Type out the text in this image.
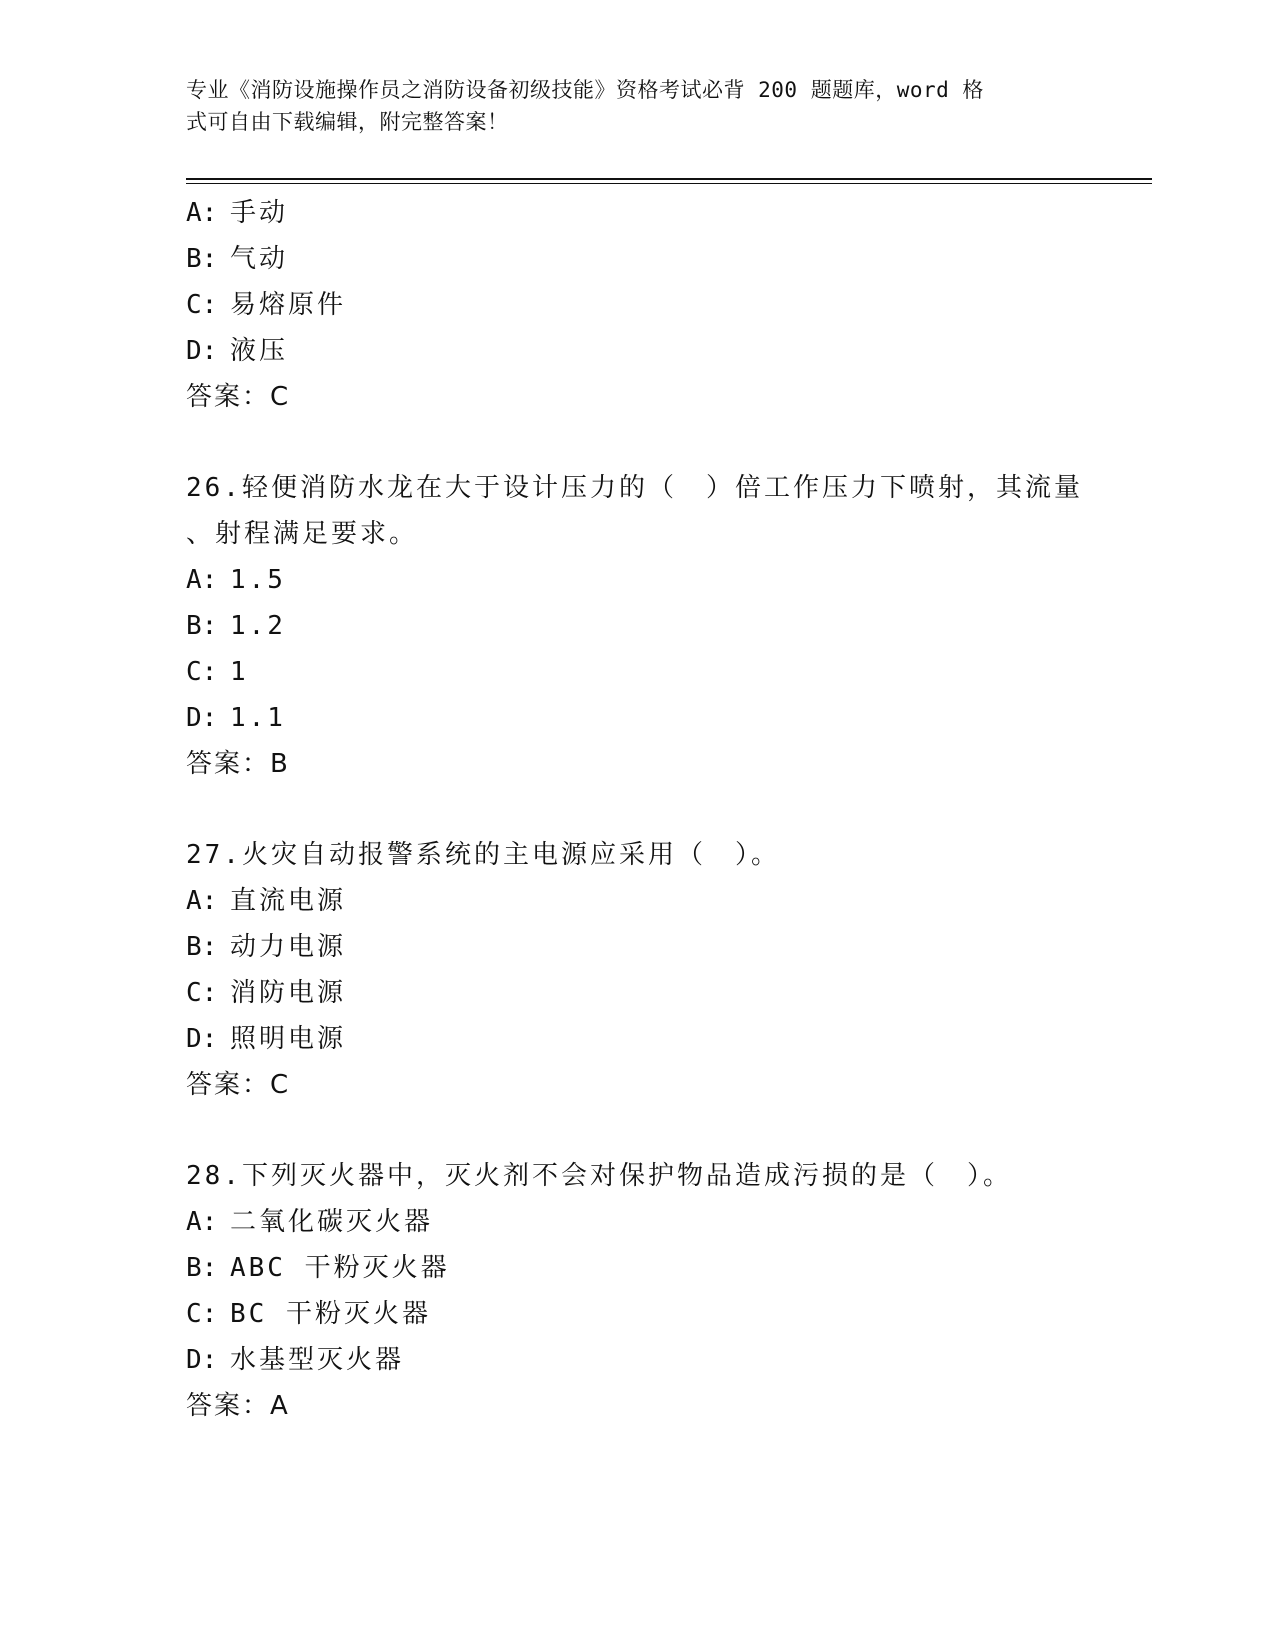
专业《消防设施操作员之消防设备初级技能》资格考试必背 200 题题库，word 格
式可自由下载编辑，附完整答案！
A: 手动
B: 气动
C: 易熔原件
D: 液压
答案：C
26.轻便消防水龙在大于设计压力的（　）倍工作压力下喷射，其流量
、射程满足要求。
A: 1.5
B: 1.2
C: 1
D: 1.1
答案：B
27.火灾自动报警系统的主电源应采用（　）。
A: 直流电源
B: 动力电源
C: 消防电源
D: 照明电源
答案：C
28.下列灭火器中，灭火剂不会对保护物品造成污损的是（　）。
A: 二氧化碳灭火器
B: ABC 干粉灭火器
C: BC 干粉灭火器
D: 水基型灭火器
答案：A
